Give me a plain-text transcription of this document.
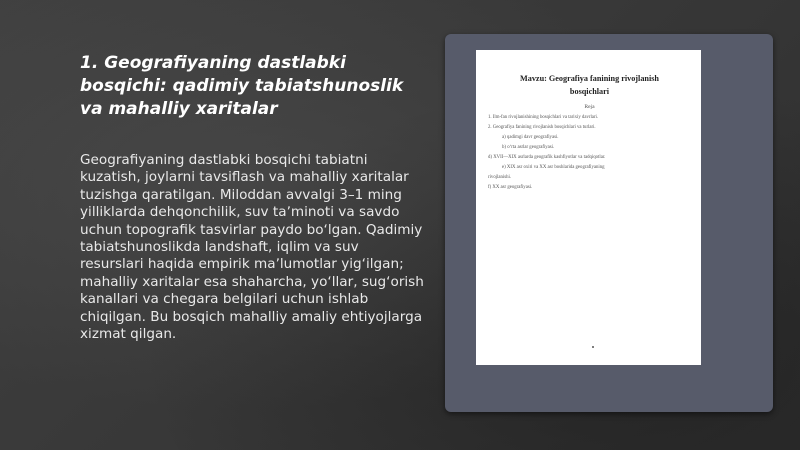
1. Geografiyaning dastlabki bosqichi: qadimiy tabiatshunoslik va mahalliy xaritalar

Geografiyaning dastlabki bosqichi tabiatni kuzatish, joylarni tavsiflash va mahalliy xaritalar tuzishga qaratilgan. Miloddan avvalgi 3–1 ming yilliklarda dehqonchilik, suv taʼminoti va savdo uchun topografik tasvirlar paydo boʻlgan. Qadimiy tabiatshunoslikda landshaft, iqlim va suv resurslari haqida empirik maʼlumotlar yigʻilgan; mahalliy xaritalar esa shaharcha, yoʻllar, sugʻorish kanallari va chegara belgilari uchun ishlab chiqilgan. Bu bosqich mahalliy amaliy ehtiyojlarga xizmat qilgan.

Mavzu: Geografiya fanining rivojlanish
bosqichlari
Reja
1. Ilm-fan rivojlanishining bosqichlari va tarixiy davrlari.
2. Geografiya fanining rivojlanish bosqichlari va turlari.
a) qadimgi davr geografiyasi.
b) oʻrta asrlar geografiyasi.
d) XVII—XIX asrlarda geografik kashfiyotlar va tadqiqotlar.
e) XIX asr oxiri va XX asr boshlarida geografiyaning
rivojlanishi.
f) XX asr geografiyasi.
